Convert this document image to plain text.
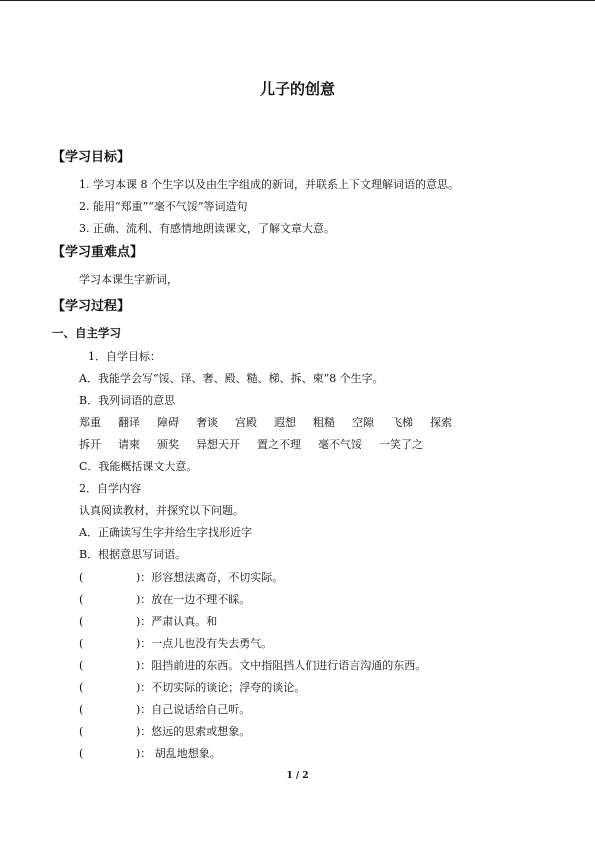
儿子的创意
【学习目标】
1. 学习本课 8 个生字以及由生字组成的新词，并联系上下文理解词语的意思。
2. 能用“郑重”“毫不气馁”等词造句
3. 正确、流利、有感情地朗读课文，了解文章大意。
【学习重难点】
学习本课生字新词，
【学习过程】
一、自主学习
1．自学目标：
A．我能学会写“馁、译、奢、殿、糙、梯、拆、柬”8 个生字。
B．我列词语的意思
郑重 翻译 障碍 奢谈 宫殿 遐想 粗糙 空隙 飞梯 探索
拆开 请柬 颁奖 异想天开 置之不理 毫不气馁 一笑了之
C．我能概括课文大意。
2．自学内容
认真阅读教材，并探究以下问题。
A．正确读写生字并给生字找形近字
B．根据意思写词语。
(	)：形容想法离奇，不切实际。
(	)：放在一边不理不睬。
(	)：严肃认真。和
(	)：一点儿也没有失去勇气。
(	)：阻挡前进的东西。文中指阻挡人们进行语言沟通的东西。
(	)：不切实际的谈论；浮夸的谈论。
(	)：自己说话给自己听。
(	)：悠远的思索或想象。
(	)： 胡乱地想象。
1 / 2
